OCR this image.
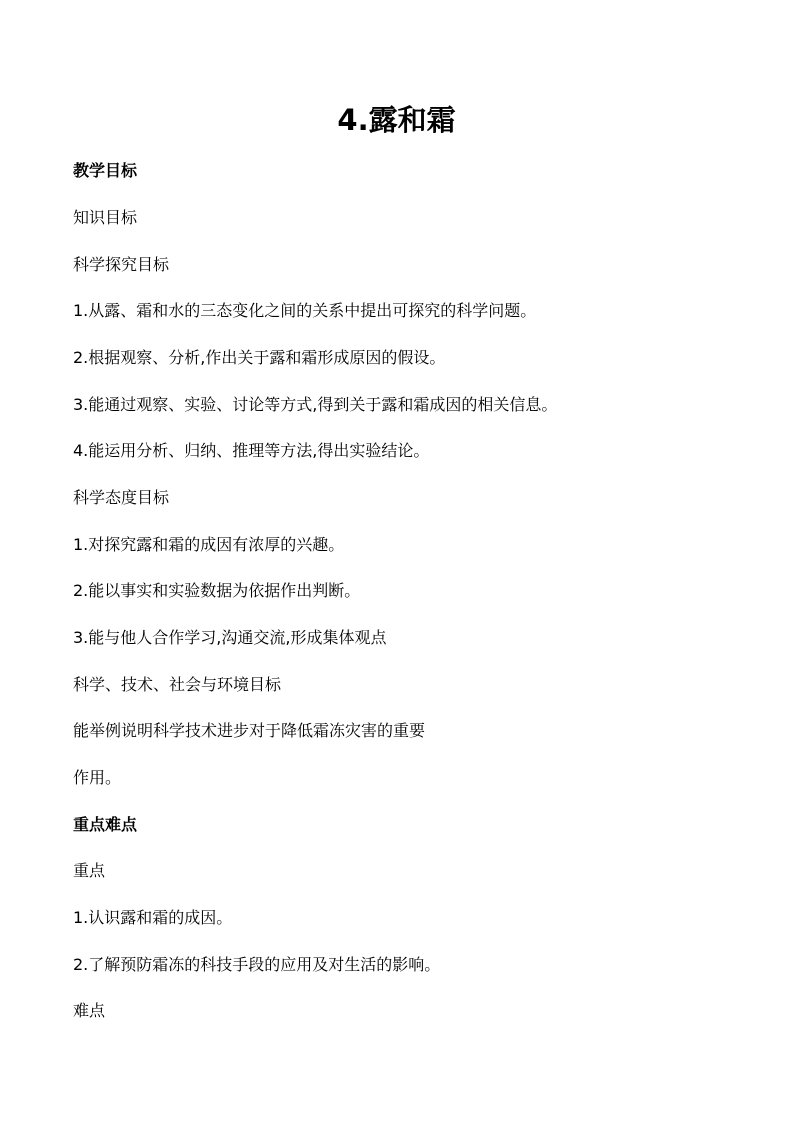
4.露和霜
教学目标
知识目标
科学探究目标
1.从露、霜和水的三态变化之间的关系中提出可探究的科学问题。
2.根据观察、分析,作出关于露和霜形成原因的假设。
3.能通过观察、实验、讨论等方式,得到关于露和霜成因的相关信息。
4.能运用分析、归纳、推理等方法,得出实验结论。
科学态度目标
1.对探究露和霜的成因有浓厚的兴趣。
2.能以事实和实验数据为依据作出判断。
3.能与他人合作学习,沟通交流,形成集体观点
科学、技术、社会与环境目标
能举例说明科学技术进步对于降低霜冻灾害的重要
作用。
重点难点
重点
1.认识露和霜的成因。
2.了解预防霜冻的科技手段的应用及对生活的影响。
难点
